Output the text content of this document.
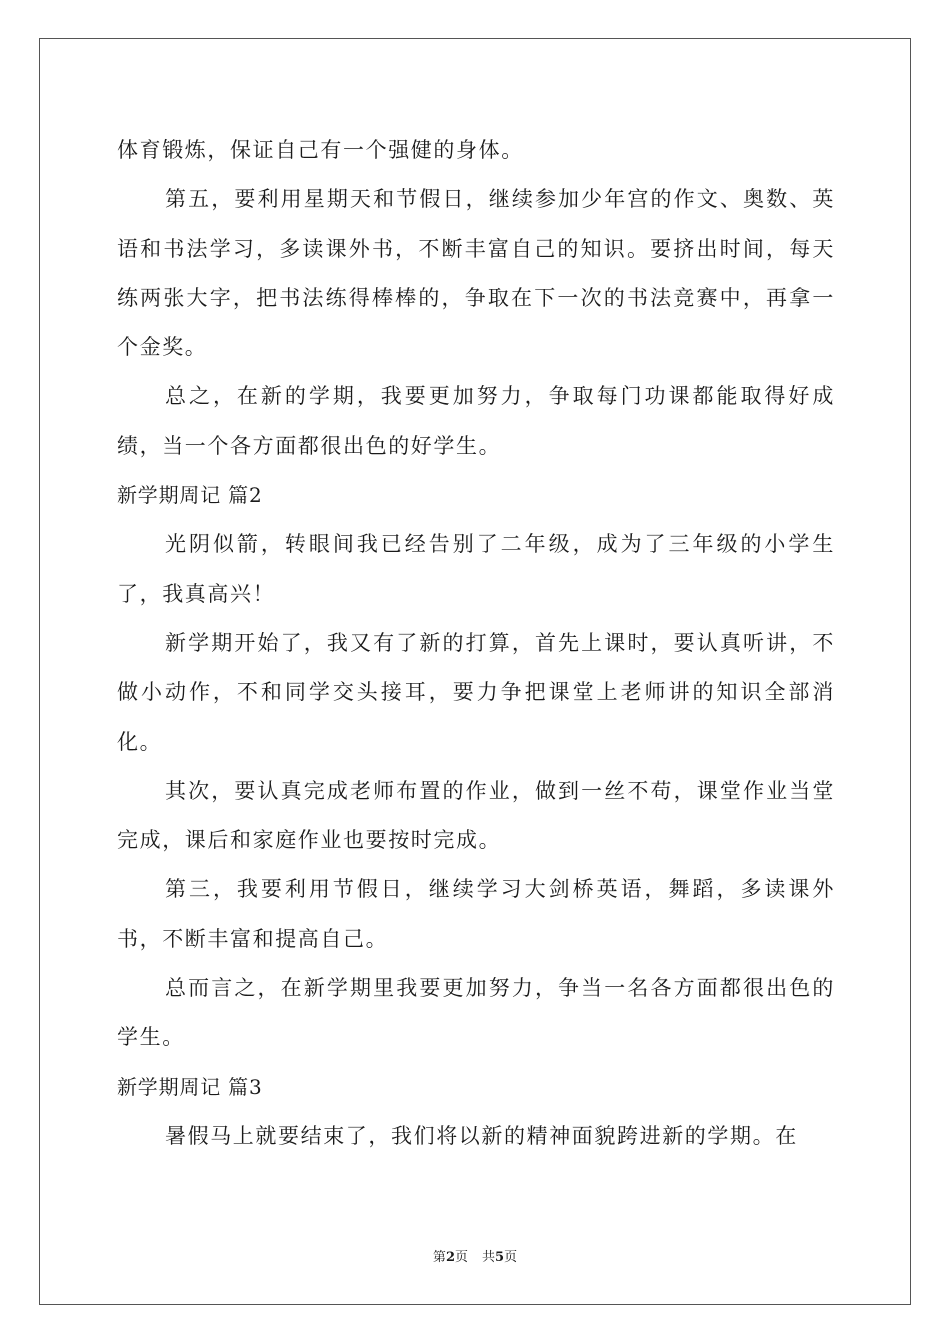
体育锻炼，保证自己有一个强健的身体。

第五，要利用星期天和节假日，继续参加少年宫的作文、奥数、英语和书法学习，多读课外书，不断丰富自己的知识。要挤出时间，每天练两张大字，把书法练得棒棒的，争取在下一次的书法竞赛中，再拿一个金奖。

总之，在新的学期，我要更加努力，争取每门功课都能取得好成绩，当一个各方面都很出色的好学生。

新学期周记 篇2

光阴似箭，转眼间我已经告别了二年级，成为了三年级的小学生了，我真高兴！

新学期开始了，我又有了新的打算，首先上课时，要认真听讲，不做小动作，不和同学交头接耳，要力争把课堂上老师讲的知识全部消化。

其次，要认真完成老师布置的作业，做到一丝不苟，课堂作业当堂完成，课后和家庭作业也要按时完成。

第三，我要利用节假日，继续学习大剑桥英语，舞蹈，多读课外书，不断丰富和提高自己。

总而言之，在新学期里我要更加努力，争当一名各方面都很出色的学生。

新学期周记 篇3

暑假马上就要结束了，我们将以新的精神面貌跨进新的学期。在

第2页 共5页
